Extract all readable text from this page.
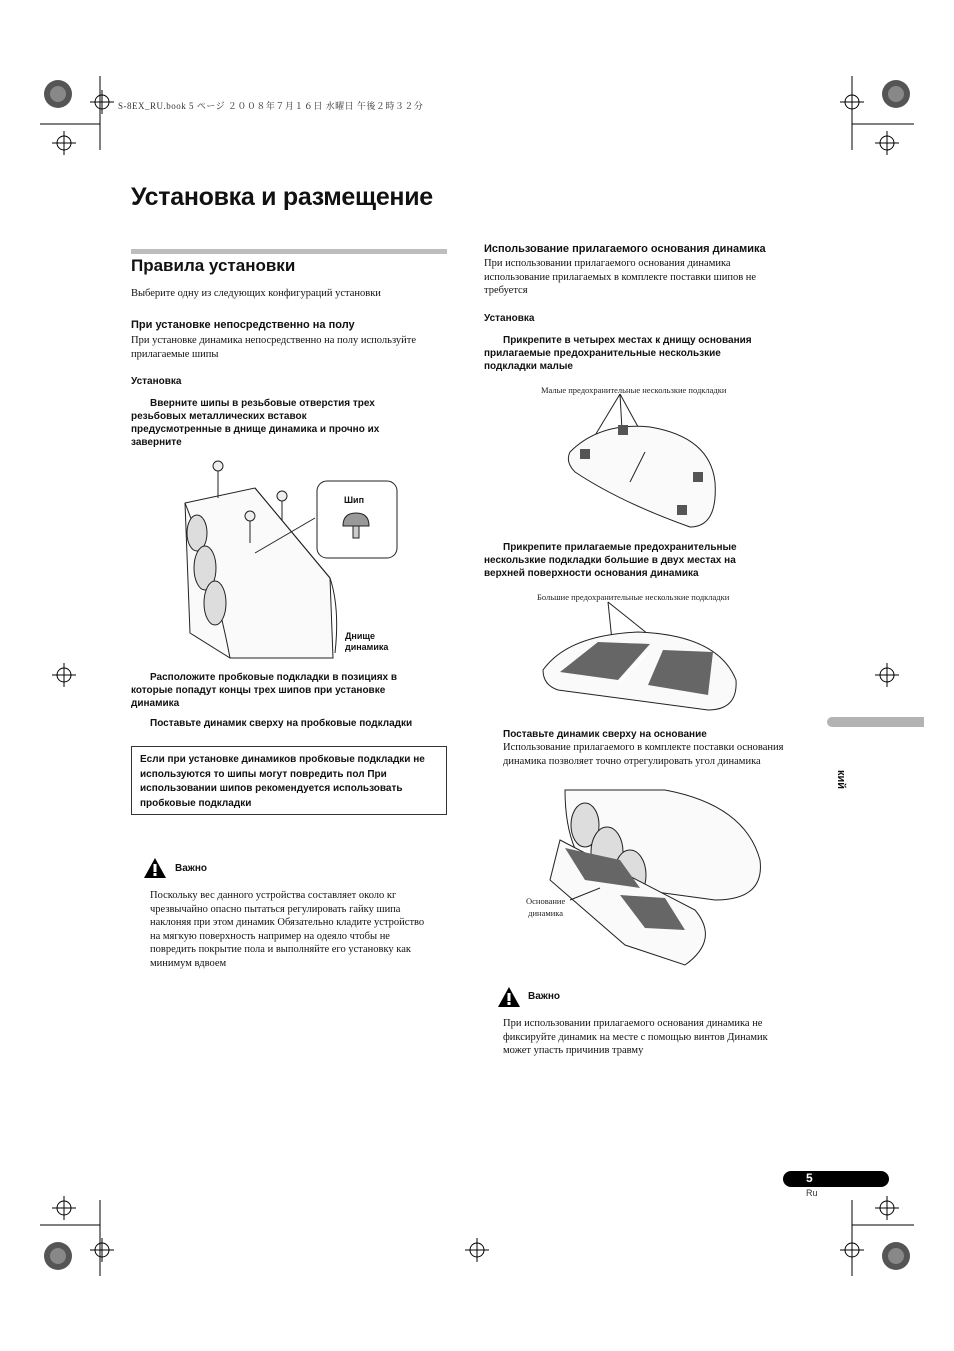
S-8EX_RU.book 5 ページ ２００８年７月１６日 水曜日 午後２時３２分
Установка и размещение
Правила установки
Выберите одну из следующих конфигураций установки
При установке непосредственно на полу
При установке динамика непосредственно на полу используйте
прилагаемые шипы
Установка
Вверните шипы в резьбовые отверстия трех
резьбовых металлических вставок
предусмотренные в днище динамика и прочно их
заверните
Шип
Днище
динамика
Расположите пробковые подкладки в позициях в
которые попадут концы трех шипов при установке
динамика
Поставьте динамик сверху на пробковые подкладки
Если при установке динамиков пробковые подкладки не
используются то шипы могут повредить пол При
использовании шипов рекомендуется использовать
пробковые подкладки
Важно
Поскольку вес данного устройства составляет около кг
чрезвычайно опасно пытаться регулировать гайку шипа
наклоняя при этом динамик Обязательно кладите устройство
на мягкую поверхность например на одеяло чтобы не
повредить покрытие пола и выполняйте его установку как
минимум вдвоем
Использование прилагаемого основания динамика
При использовании прилагаемого основания динамика
использование прилагаемых в комплекте поставки шипов не
требуется
Установка
Прикрепите в четырех местах к днищу основания
прилагаемые предохранительные нескользкие
подкладки малые
Малые предохранительные нескользкие подкладки
Прикрепите прилагаемые предохранительные
нескользкие подкладки большие в двух местах на
верхней поверхности основания динамика
Большие предохранительные нескользкие подкладки
Поставьте динамик сверху на основание
Использование прилагаемого в комплекте поставки основания
динамика позволяет точно отрегулировать угол динамика
Основание
динамика
Важно
При использовании прилагаемого основания динамика не
фиксируйте динамик на месте с помощью винтов Динамик
может упасть причинив травму
кий
5
Ru
